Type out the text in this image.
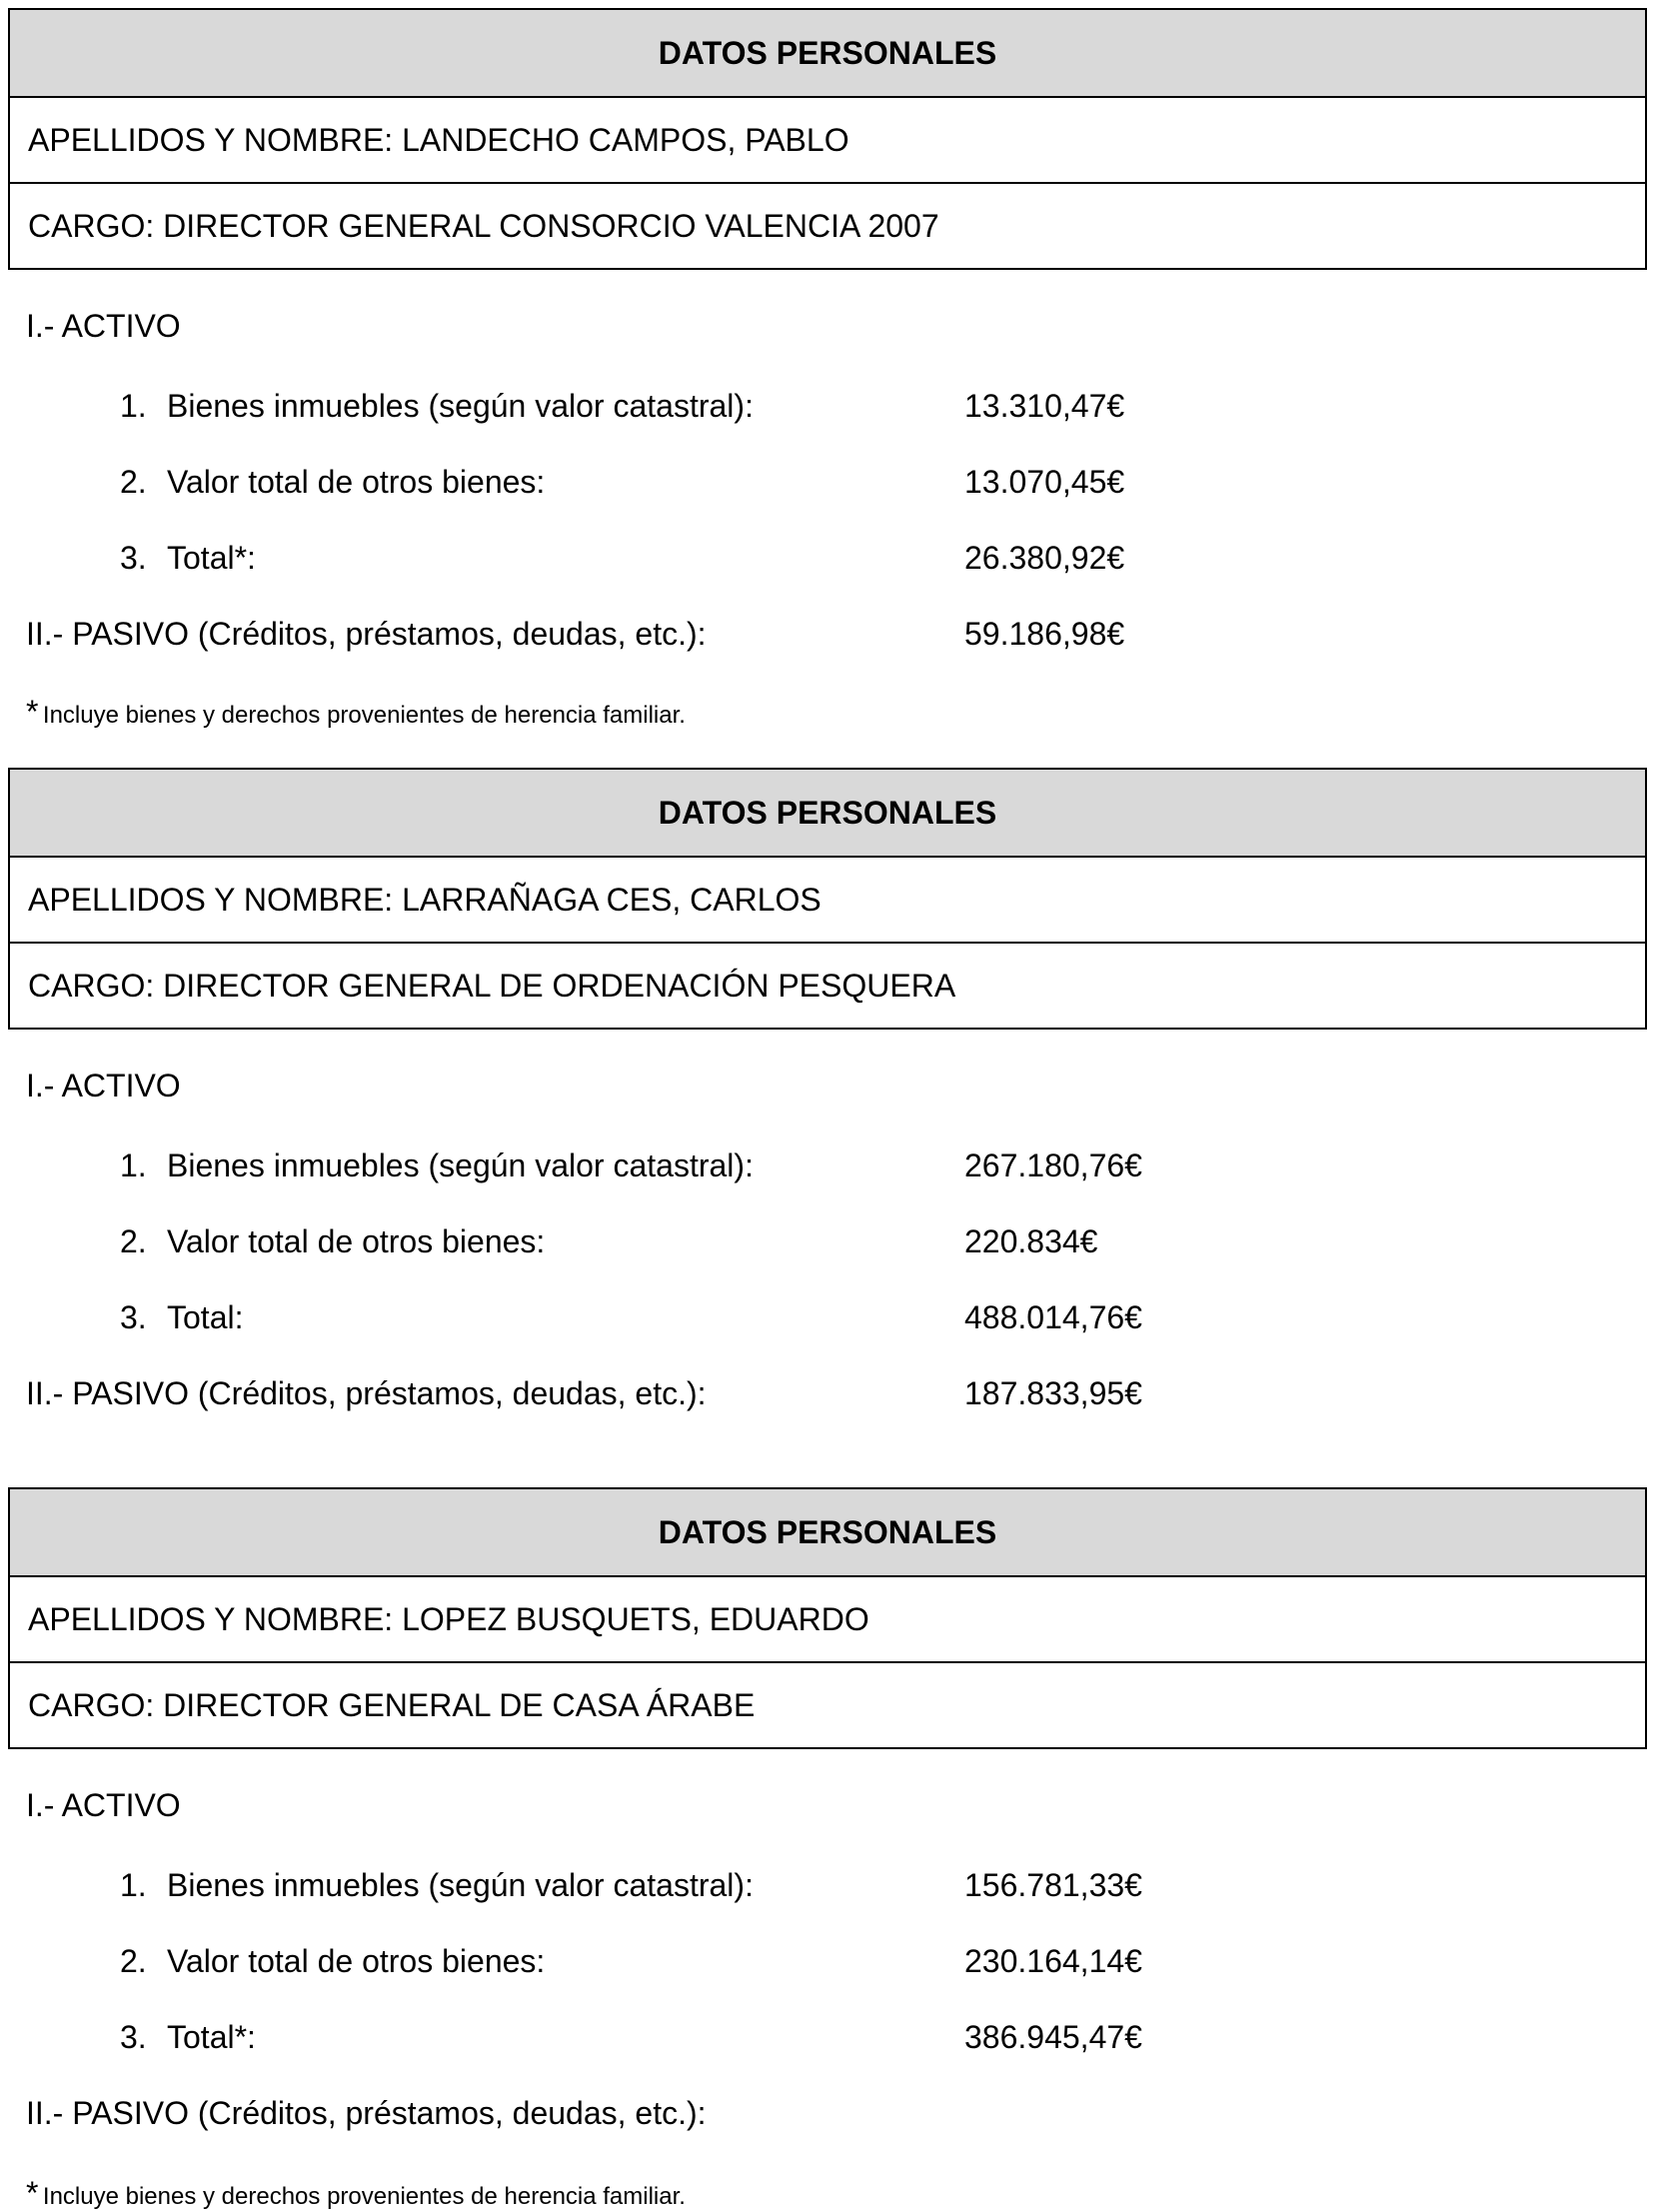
DATOS PERSONALES
APELLIDOS Y NOMBRE: LANDECHO CAMPOS, PABLO
CARGO: DIRECTOR GENERAL CONSORCIO VALENCIA 2007
I.- ACTIVO
1. Bienes inmuebles (según valor catastral):	13.310,47€
2. Valor total de otros bienes:	13.070,45€
3. Total*:	26.380,92€
II.- PASIVO (Créditos, préstamos, deudas, etc.):	59.186,98€
* Incluye bienes y derechos provenientes de herencia familiar.
DATOS PERSONALES
APELLIDOS Y NOMBRE: LARRAÑAGA CES, CARLOS
CARGO: DIRECTOR GENERAL DE ORDENACIÓN PESQUERA
I.- ACTIVO
1. Bienes inmuebles (según valor catastral):	267.180,76€
2. Valor total de otros bienes:	220.834€
3. Total:	488.014,76€
II.- PASIVO (Créditos, préstamos, deudas, etc.):	187.833,95€
DATOS PERSONALES
APELLIDOS Y NOMBRE: LOPEZ BUSQUETS, EDUARDO
CARGO: DIRECTOR GENERAL DE CASA ÁRABE
I.- ACTIVO
1. Bienes inmuebles (según valor catastral):	156.781,33€
2. Valor total de otros bienes:	230.164,14€
3. Total*:	386.945,47€
II.- PASIVO (Créditos, préstamos, deudas, etc.):
* Incluye bienes y derechos provenientes de herencia familiar.
